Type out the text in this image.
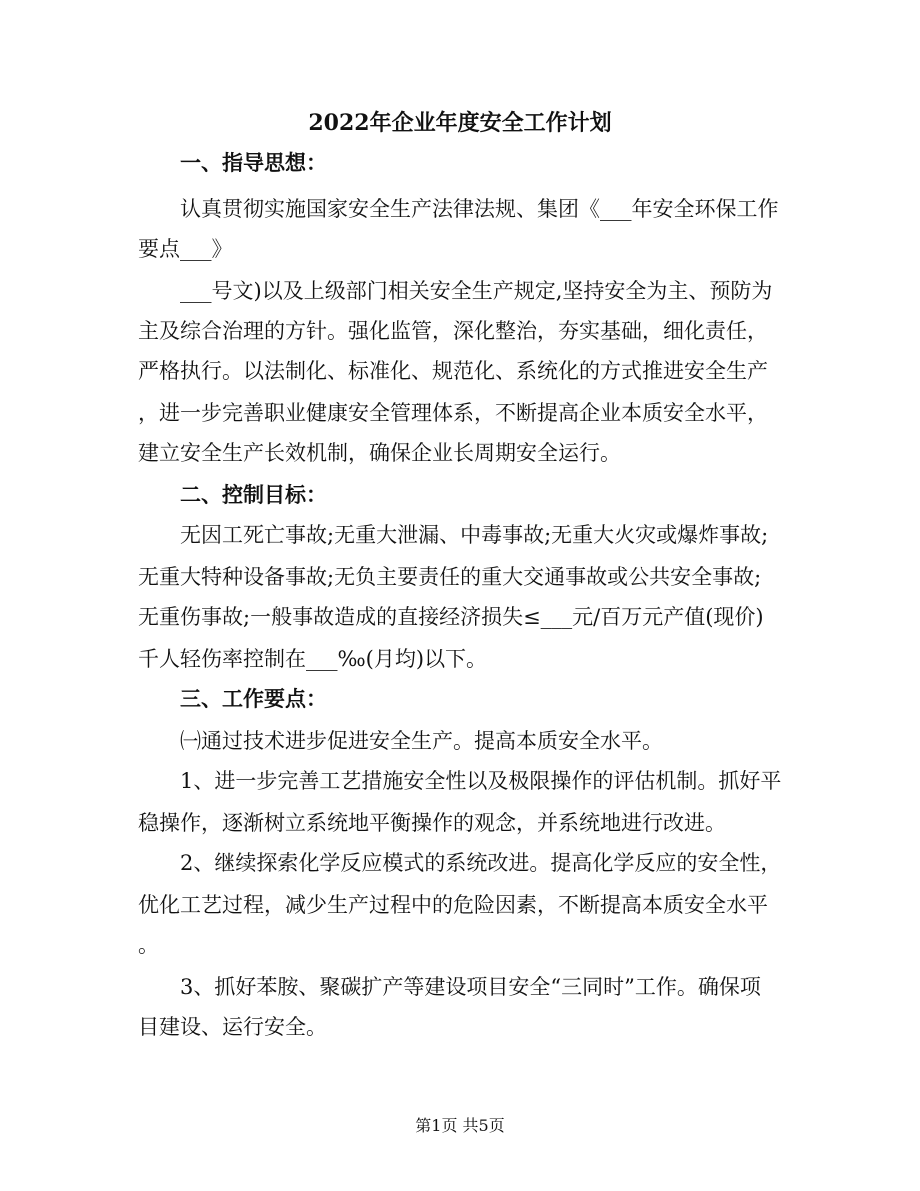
2022年企业年度安全工作计划
一、指导思想：
认真贯彻实施国家安全生产法律法规、集团《___年安全环保工作
要点___》
___号文)以及上级部门相关安全生产规定,坚持安全为主、预防为
主及综合治理的方针。强化监管，深化整治，夯实基础，细化责任，
严格执行。以法制化、标准化、规范化、系统化的方式推进安全生产
，进一步完善职业健康安全管理体系，不断提高企业本质安全水平，
建立安全生产长效机制，确保企业长周期安全运行。
二、控制目标：
无因工死亡事故;无重大泄漏、中毒事故;无重大火灾或爆炸事故;
无重大特种设备事故;无负主要责任的重大交通事故或公共安全事故;
无重伤事故;一般事故造成的直接经济损失≤___元/百万元产值(现价)
千人轻伤率控制在___‰(月均)以下。
三、工作要点：
㈠通过技术进步促进安全生产。提高本质安全水平。
1、进一步完善工艺措施安全性以及极限操作的评估机制。抓好平
稳操作，逐渐树立系统地平衡操作的观念，并系统地进行改进。
2、继续探索化学反应模式的系统改进。提高化学反应的安全性，
优化工艺过程，减少生产过程中的危险因素，不断提高本质安全水平
。
3、抓好苯胺、聚碳扩产等建设项目安全“三同时”工作。确保项
目建设、运行安全。
第1页 共5页
